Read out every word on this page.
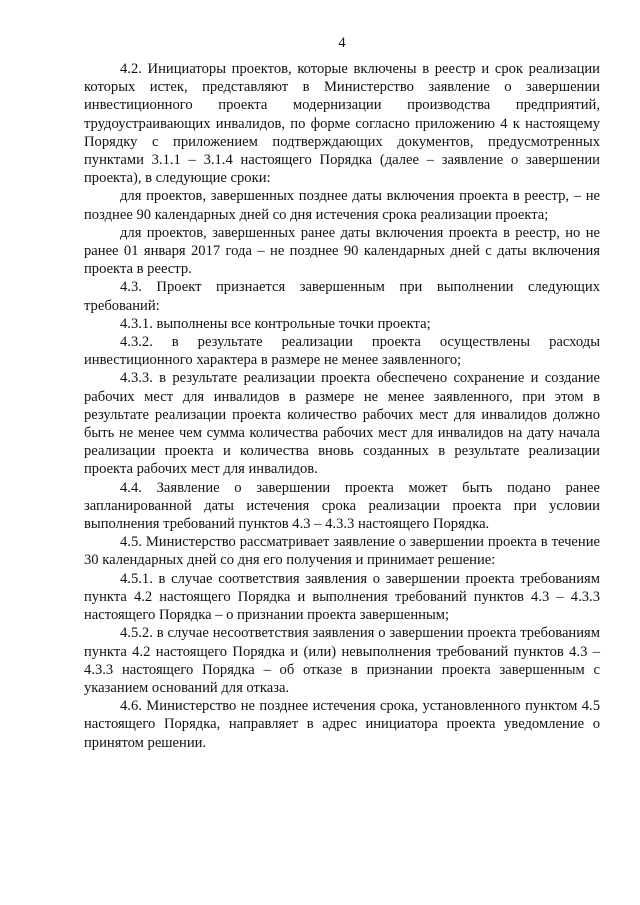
4

4.2. Инициаторы проектов, которые включены в реестр и срок реализации которых истек, представляют в Министерство заявление о завершении инвестиционного проекта модернизации производства предприятий, трудоустраивающих инвалидов, по форме согласно приложению 4 к настоящему Порядку с приложением подтверждающих документов, предусмотренных пунктами 3.1.1 – 3.1.4 настоящего Порядка (далее – заявление о завершении проекта), в следующие сроки:

для проектов, завершенных позднее даты включения проекта в реестр, – не позднее 90 календарных дней со дня истечения срока реализации проекта;

для проектов, завершенных ранее даты включения проекта в реестр, но не ранее 01 января 2017 года – не позднее 90 календарных дней с даты включения проекта в реестр.

4.3. Проект признается завершенным при выполнении следующих требований:

4.3.1. выполнены все контрольные точки проекта;

4.3.2. в результате реализации проекта осуществлены расходы инвестиционного характера в размере не менее заявленного;

4.3.3. в результате реализации проекта обеспечено сохранение и создание рабочих мест для инвалидов в размере не менее заявленного, при этом в результате реализации проекта количество рабочих мест для инвалидов должно быть не менее чем сумма количества рабочих мест для инвалидов на дату начала реализации проекта и количества вновь созданных в результате реализации проекта рабочих мест для инвалидов.

4.4. Заявление о завершении проекта может быть подано ранее запланированной даты истечения срока реализации проекта при условии выполнения требований пунктов 4.3 – 4.3.3 настоящего Порядка.

4.5. Министерство рассматривает заявление о завершении проекта в течение 30 календарных дней со дня его получения и принимает решение:

4.5.1. в случае соответствия заявления о завершении проекта требованиям пункта 4.2 настоящего Порядка и выполнения требований пунктов 4.3 – 4.3.3 настоящего Порядка – о признании проекта завершенным;

4.5.2. в случае несоответствия заявления о завершении проекта требованиям пункта 4.2 настоящего Порядка и (или) невыполнения требований пунктов 4.3 – 4.3.3 настоящего Порядка – об отказе в признании проекта завершенным с указанием оснований для отказа.

4.6. Министерство не позднее истечения срока, установленного пунктом 4.5 настоящего Порядка, направляет в адрес инициатора проекта уведомление о принятом решении.
